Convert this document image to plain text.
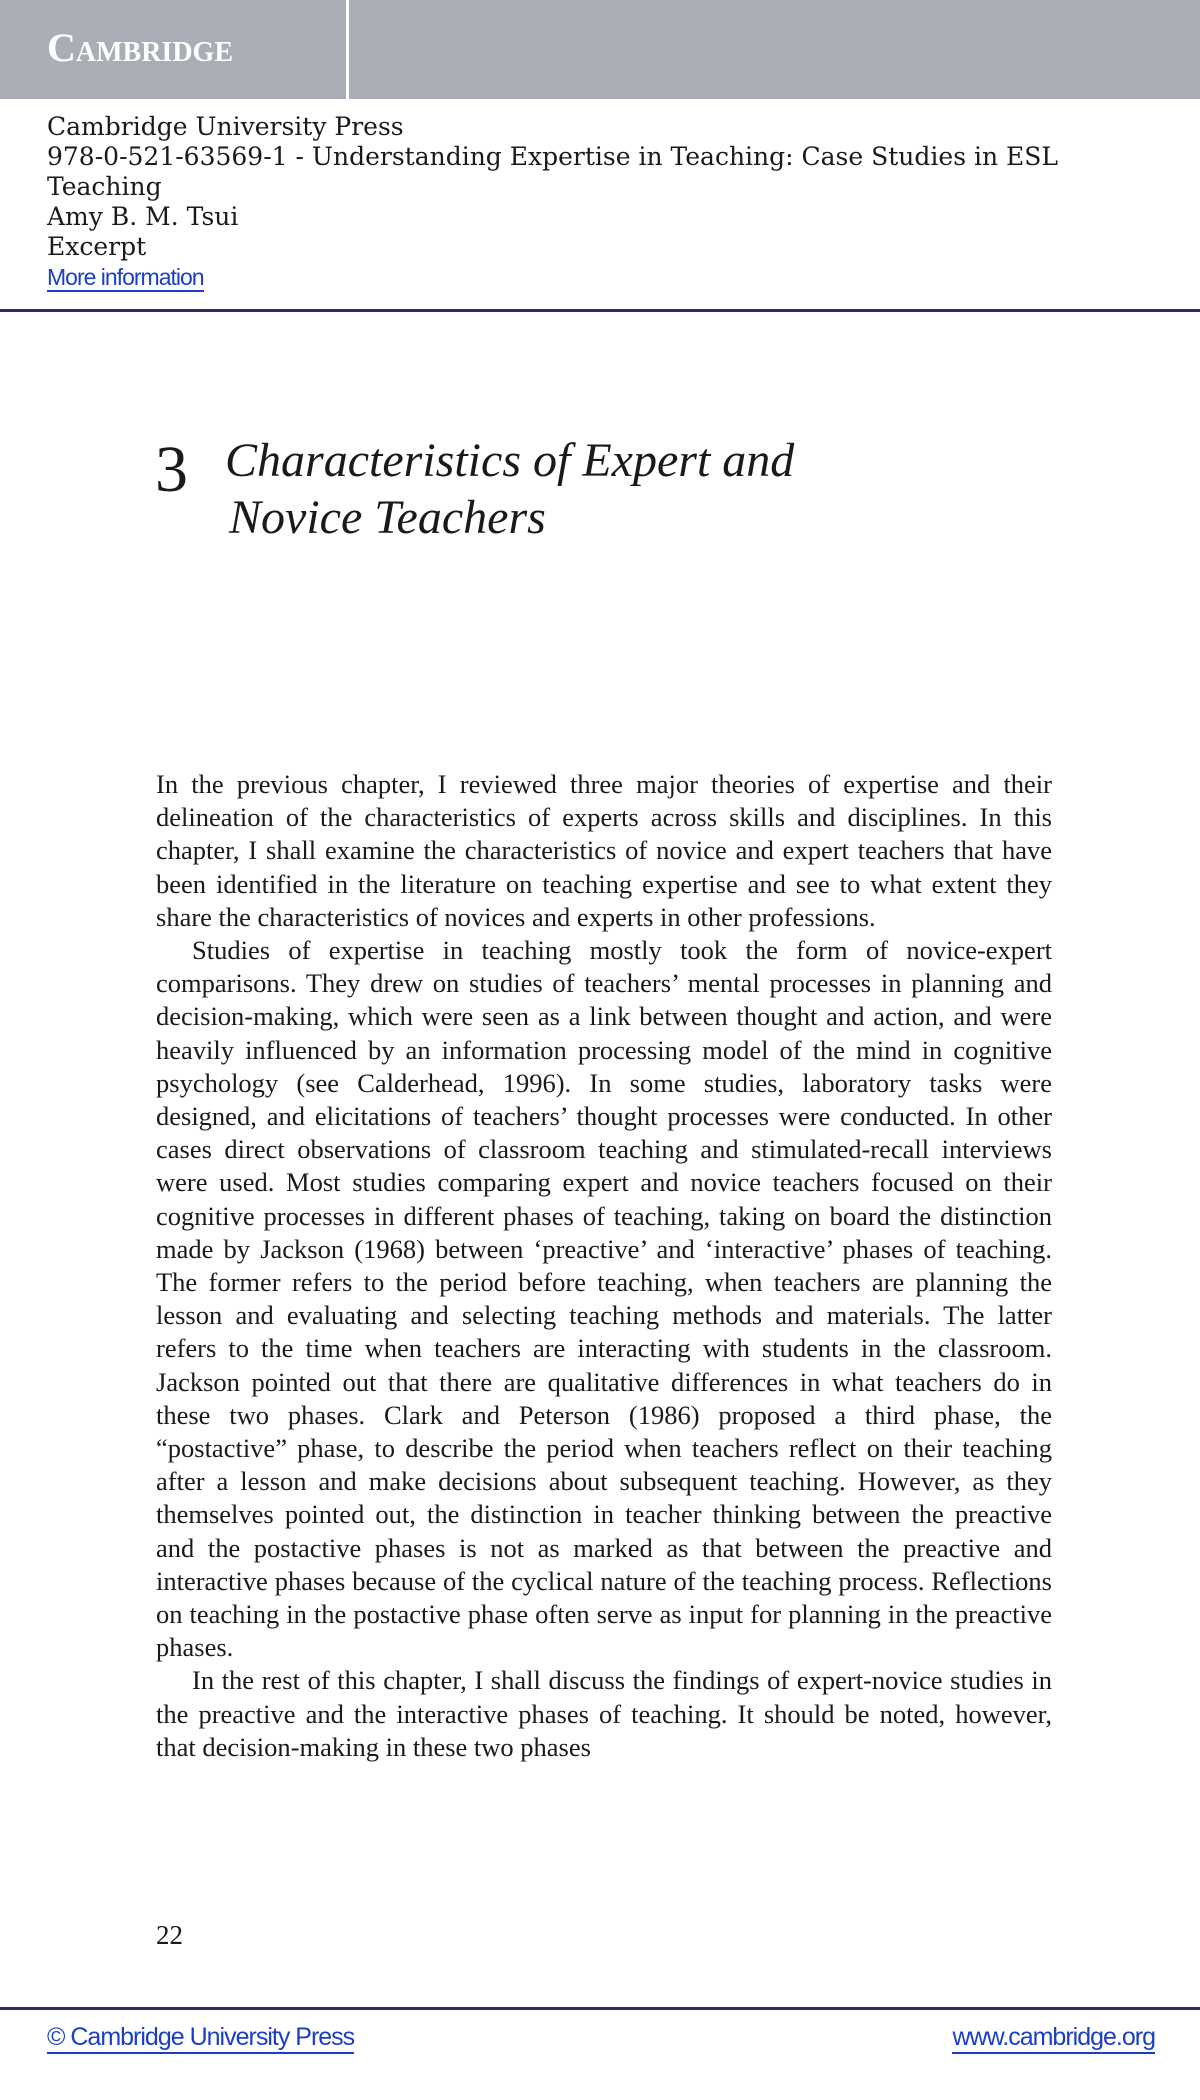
Cambridge
Cambridge University Press
978-0-521-63569-1 - Understanding Expertise in Teaching: Case Studies in ESL
Teaching
Amy B. M. Tsui
Excerpt
More information
3 Characteristics of Expert and
Novice Teachers

In the previous chapter, I reviewed three major theories of expertise and their delineation of the characteristics of experts across skills and disciplines. In this chapter, I shall examine the characteristics of novice and expert teachers that have been identified in the literature on teaching expertise and see to what extent they share the characteristics of novices and experts in other professions.

Studies of expertise in teaching mostly took the form of novice-expert comparisons. They drew on studies of teachers’ mental processes in planning and decision-making, which were seen as a link between thought and action, and were heavily influenced by an information processing model of the mind in cognitive psychology (see Calderhead, 1996). In some studies, laboratory tasks were designed, and elicitations of teachers’ thought processes were conducted. In other cases direct observations of classroom teaching and stimulated-recall interviews were used. Most studies comparing expert and novice teachers focused on their cognitive processes in different phases of teaching, taking on board the distinction made by Jackson (1968) between ‘preactive’ and ‘interactive’ phases of teaching. The former refers to the period before teaching, when teachers are planning the lesson and evaluating and selecting teaching methods and materials. The latter refers to the time when teachers are interacting with students in the classroom. Jackson pointed out that there are qualitative differences in what teachers do in these two phases. Clark and Peterson (1986) proposed a third phase, the “postactive” phase, to describe the period when teachers reflect on their teaching after a lesson and make decisions about subsequent teaching. However, as they themselves pointed out, the distinction in teacher thinking between the preactive and the postactive phases is not as marked as that between the preactive and interactive phases because of the cyclical nature of the teaching process. Reflections on teaching in the postactive phase often serve as input for planning in the preactive phases.

In the rest of this chapter, I shall discuss the findings of expert-novice studies in the preactive and the interactive phases of teaching. It should be noted, however, that decision-making in these two phases

22
© Cambridge University Press	www.cambridge.org
